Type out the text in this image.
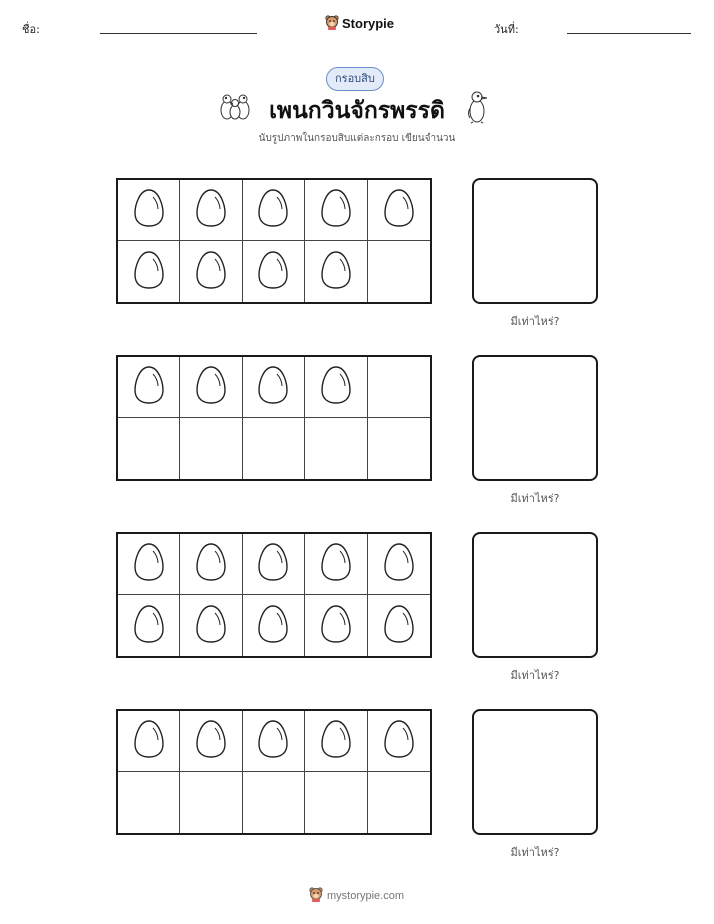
ชื่อ:	Storypie	วันที่:
กรอบสิบ
เพนกวินจักรพรรดิ
นับรูปภาพในกรอบสิบแต่ละกรอบ เขียนจำนวน
มีเท่าไหร่?
มีเท่าไหร่?
มีเท่าไหร่?
มีเท่าไหร่?
mystorypie.com
